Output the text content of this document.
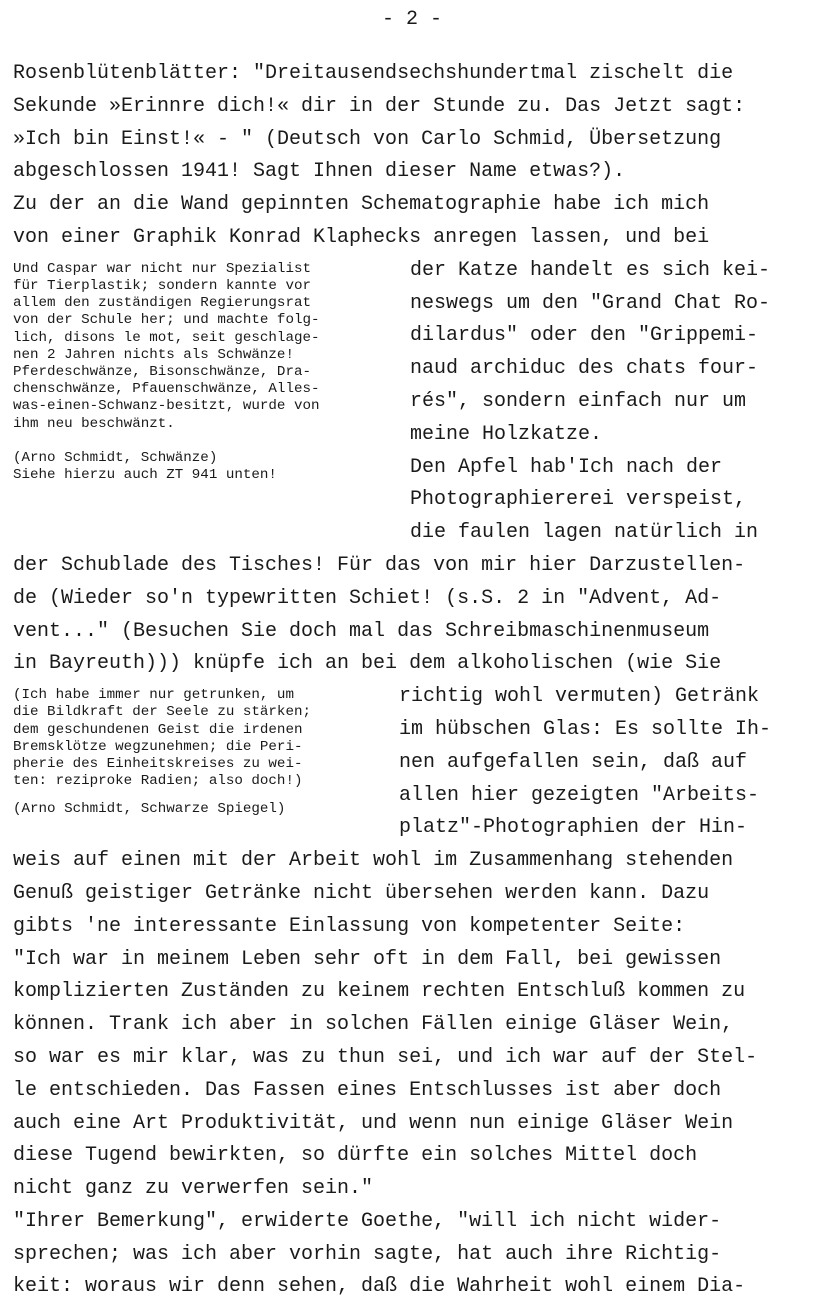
- 2 -
Rosenblütenblätter: "Dreitausendsechshundertmal zischelt die
Sekunde »Erinnre dich!« dir in der Stunde zu. Das Jetzt sagt:
»Ich bin Einst!« - " (Deutsch von Carlo Schmid, Übersetzung
abgeschlossen 1941! Sagt Ihnen dieser Name etwas?).
Zu der an die Wand gepinnten Schematographie habe ich mich
von einer Graphik Konrad Klaphecks anregen lassen, und bei
Und Caspar war nicht nur Spezialist
für Tierplastik; sondern kannte vor
allem den zuständigen Regierungsrat
von der Schule her; und machte folg-
lich, disons le mot, seit geschlage-
nen 2 Jahren nichts als Schwänze!
Pferdeschwänze, Bisonschwänze, Dra-
chenschwänze, Pfauenschwänze, Alles-
was-einen-Schwanz-besitzt, wurde von
ihm neu beschwänzt.
(Arno Schmidt, Schwänze)
Siehe hierzu auch ZT 941 unten!
der Katze handelt es sich kei-
neswegs um den "Grand Chat Ro-
dilardus" oder den "Grippemi-
naud archiduc des chats four-
rés", sondern einfach nur um
meine Holzkatze.
Den Apfel hab'Ich nach der
Photographiererei verspeist,
die faulen lagen natürlich in
der Schublade des Tisches! Für das von mir hier Darzustellen-
de (Wieder so'n typewritten Schiet! (s.S. 2 in "Advent, Ad-
vent..." (Besuchen Sie doch mal das Schreibmaschinenmuseum
in Bayreuth))) knüpfe ich an bei dem alkoholischen (wie Sie
(Ich habe immer nur getrunken, um
die Bildkraft der Seele zu stärken;
dem geschundenen Geist die irdenen
Bremsklötze wegzunehmen; die Peri-
pherie des Einheitskreises zu wei-
ten: reziproke Radien; also doch!)
(Arno Schmidt, Schwarze Spiegel)
richtig wohl vermuten) Getränk
im hübschen Glas: Es sollte Ih-
nen aufgefallen sein, daß auf
allen hier gezeigten "Arbeits-
platz"-Photographien der Hin-
weis auf einen mit der Arbeit wohl im Zusammenhang stehenden
Genuß geistiger Getränke nicht übersehen werden kann. Dazu
gibts 'ne interessante Einlassung von kompetenter Seite:
"Ich war in meinem Leben sehr oft in dem Fall, bei gewissen
komplizierten Zuständen zu keinem rechten Entschluß kommen zu
können. Trank ich aber in solchen Fällen einige Gläser Wein,
so war es mir klar, was zu thun sei, und ich war auf der Stel-
le entschieden. Das Fassen eines Entschlusses ist aber doch
auch eine Art Produktivität, und wenn nun einige Gläser Wein
diese Tugend bewirkten, so dürfte ein solches Mittel doch
nicht ganz zu verwerfen sein."
"Ihrer Bemerkung", erwiderte Goethe, "will ich nicht wider-
sprechen; was ich aber vorhin sagte, hat auch ihre Richtig-
keit: woraus wir denn sehen, daß die Wahrheit wohl einem Dia-
